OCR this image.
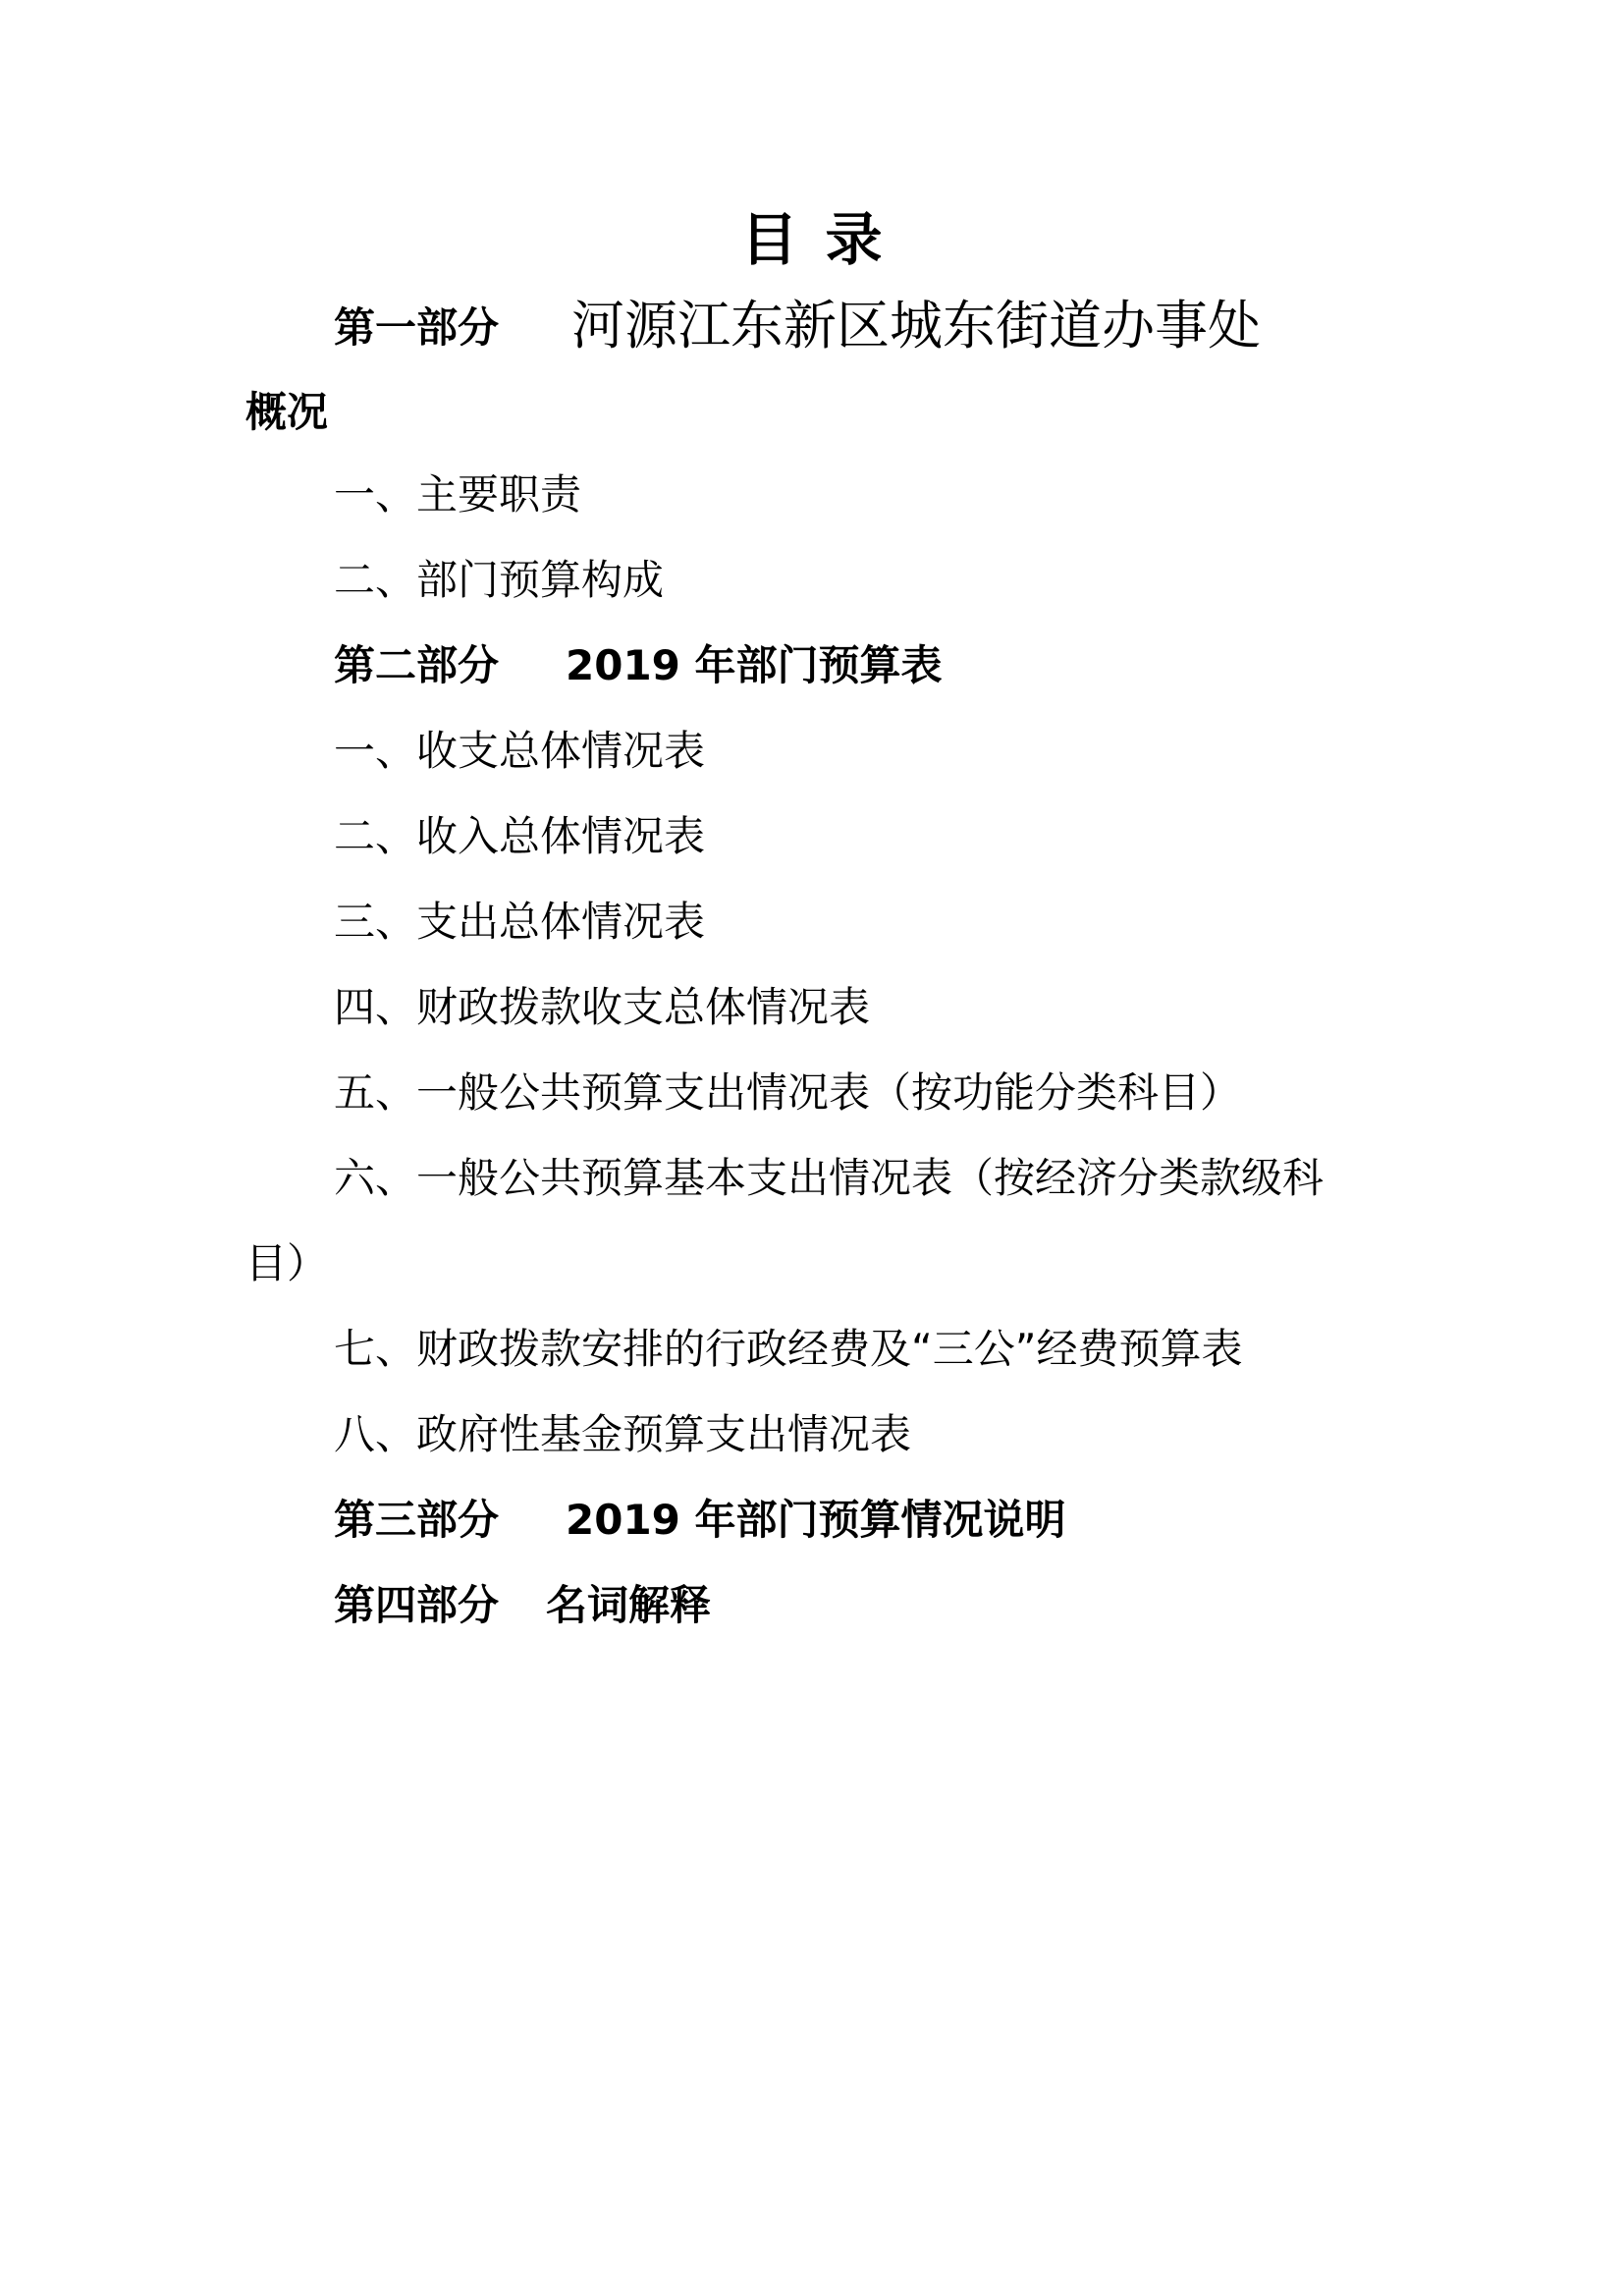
目 录
第一部分 河源江东新区城东街道办事处
概况
一、主要职责
二、部门预算构成
第二部分 2019 年部门预算表
一、收支总体情况表
二、收入总体情况表
三、支出总体情况表
四、财政拨款收支总体情况表
五、一般公共预算支出情况表（按功能分类科目）
六、一般公共预算基本支出情况表（按经济分类款级科
目）
七、财政拨款安排的行政经费及“三公”经费预算表
八、政府性基金预算支出情况表
第三部分 2019 年部门预算情况说明
第四部分 名词解释
